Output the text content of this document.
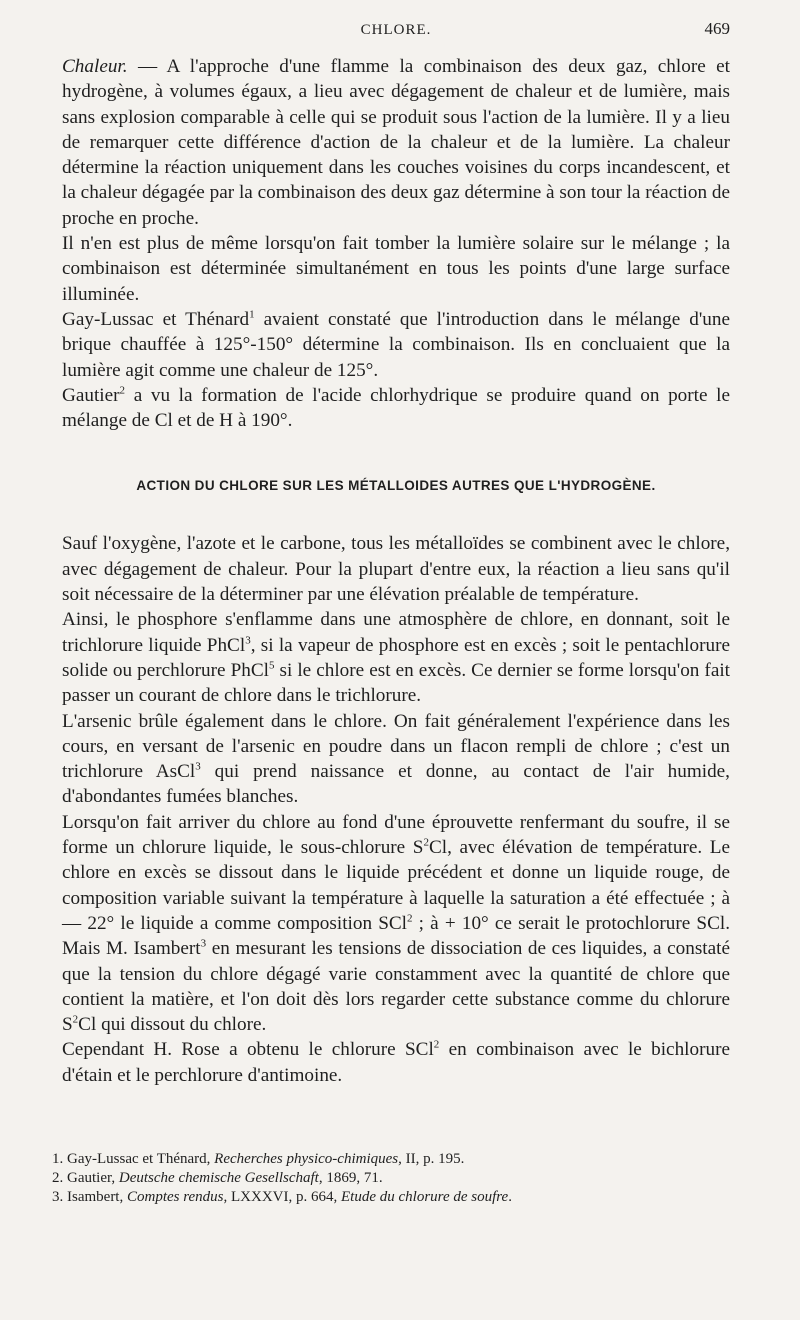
CHLORE.	469

Chaleur. — A l'approche d'une flamme la combinaison des deux gaz, chlore et hydrogène, à volumes égaux, a lieu avec dégagement de chaleur et de lumière, mais sans explosion comparable à celle qui se produit sous l'action de la lumière. Il y a lieu de remarquer cette différence d'action de la chaleur et de la lumière. La chaleur détermine la réaction uniquement dans les couches voisines du corps incandescent, et la chaleur dégagée par la combinaison des deux gaz détermine à son tour la réaction de proche en proche.

Il n'en est plus de même lorsqu'on fait tomber la lumière solaire sur le mélange ; la combinaison est déterminée simultanément en tous les points d'une large surface illuminée.

Gay-Lussac et Thénard$^1$ avaient constaté que l'introduction dans le mélange d'une brique chauffée à 125°-150° détermine la combinaison. Ils en concluaient que la lumière agit comme une chaleur de 125°.

Gautier$^2$ a vu la formation de l'acide chlorhydrique se produire quand on porte le mélange de Cl et de H à 190°.

ACTION DU CHLORE SUR LES MÉTALLOIDES AUTRES QUE L'HYDROGÈNE.

Sauf l'oxygène, l'azote et le carbone, tous les métalloïdes se combinent avec le chlore, avec dégagement de chaleur. Pour la plupart d'entre eux, la réaction a lieu sans qu'il soit nécessaire de la déterminer par une élévation préalable de température.

Ainsi, le phosphore s'enflamme dans une atmosphère de chlore, en donnant, soit le trichlorure liquide PhCl$^3$, si la vapeur de phosphore est en excès ; soit le pentachlorure solide ou perchlorure PhCl$^5$ si le chlore est en excès. Ce dernier se forme lorsqu'on fait passer un courant de chlore dans le trichlorure.

L'arsenic brûle également dans le chlore. On fait généralement l'expérience dans les cours, en versant de l'arsenic en poudre dans un flacon rempli de chlore ; c'est un trichlorure AsCl$^3$ qui prend naissance et donne, au contact de l'air humide, d'abondantes fumées blanches.

Lorsqu'on fait arriver du chlore au fond d'une éprouvette renfermant du soufre, il se forme un chlorure liquide, le sous-chlorure $S^2Cl$, avec élévation de température. Le chlore en excès se dissout dans le liquide précédent et donne un liquide rouge, de composition variable suivant la température à laquelle la saturation a été effectuée ; à — 22° le liquide a comme composition SCl$^2$ ; à + 10° ce serait le protochlorure SCl. Mais M. Isambert$^3$ en mesurant les tensions de dissociation de ces liquides, a constaté que la tension du chlore dégagé varie constamment avec la quantité de chlore que contient la matière, et l'on doit dès lors regarder cette substance comme du chlorure $S^2Cl$ qui dissout du chlore.

Cependant H. Rose a obtenu le chlorure SCl$^2$ en combinaison avec le bichlorure d'étain et le perchlorure d'antimoine.

1. Gay-Lussac et Thénard, Recherches physico-chimiques, II, p. 195.

2. Gautier, Deutsche chemische Gesellschaft, 1869, 71.

3. Isambert, Comptes rendus, LXXXVI, p. 664, Etude du chlorure de soufre.
